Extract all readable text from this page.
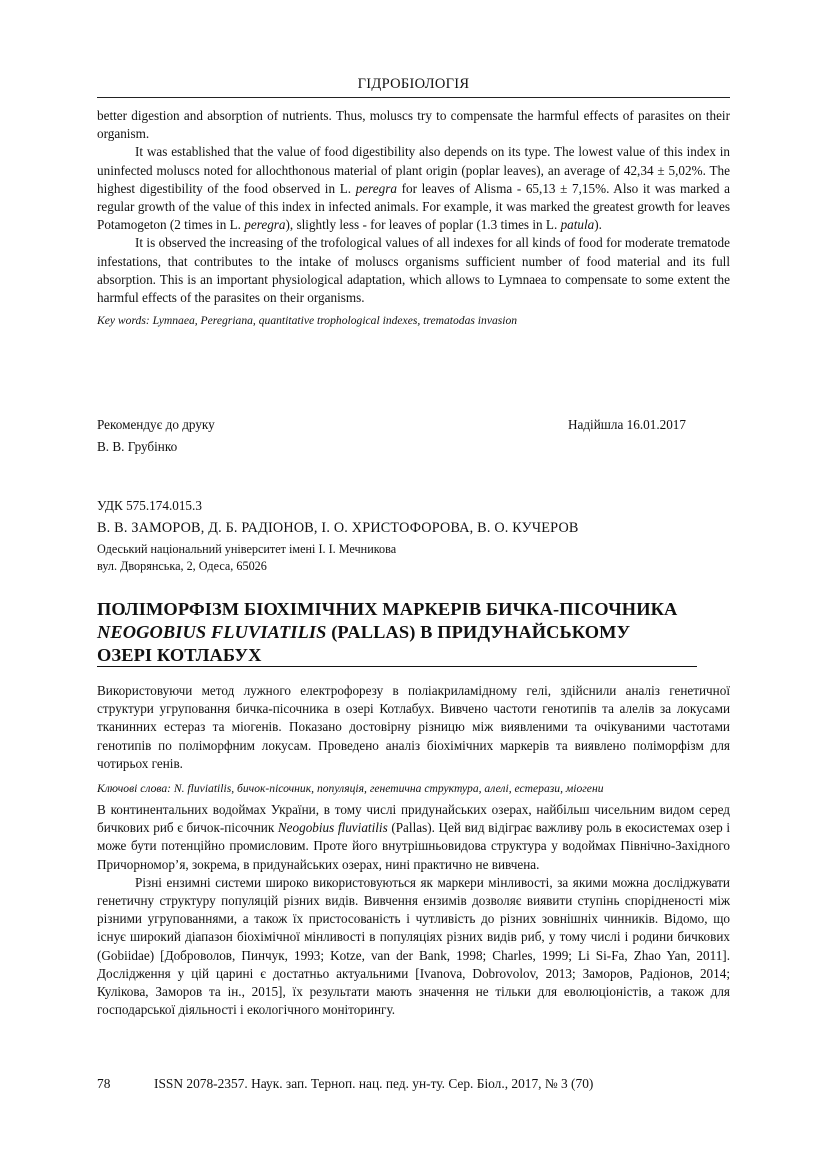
ГІДРОБІОЛОГІЯ

better digestion and absorption of nutrients. Thus, moluscs try to compensate the harmful effects of parasites on their organism.

It was established that the value of food digestibility also depends on its type. The lowest value of this index in uninfected moluscs noted for allochthonous material of plant origin (poplar leaves), an average of 42,34 ± 5,02%. The highest digestibility of the food observed in L. peregra for leaves of Alisma - 65,13 ± 7,15%. Also it was marked a regular growth of the value of this index in infected animals. For example, it was marked the greatest growth for leaves Potamogeton (2 times in L. peregra), slightly less - for leaves of poplar (1.3 times in L. patula).

It is observed the increasing of the trofological values of all indexes for all kinds of food for moderate trematode infestations, that contributes to the intake of moluscs organisms sufficient number of food material and its full absorption. This is an important physiological adaptation, which allows to Lymnaea to compensate to some extent the harmful effects of the parasites on their organisms.

Key words: Lymnaea, Peregriana, quantitative trophological indexes, trematodas invasion

Рекомендує до друку	Надійшла 16.01.2017
В. В. Грубінко
УДК 575.174.015.3
В. В. ЗАМОРОВ, Д. Б. РАДІОНОВ, І. О. ХРИСТОФОРОВА, В. О. КУЧЕРОВ
Одеський національний університет імені І. І. Мечникова
вул. Дворянська, 2, Одеса, 65026
ПОЛІМОРФІЗМ БІОХІМІЧНИХ МАРКЕРІВ БИЧКА-ПІСОЧНИКА
NEOGOBIUS FLUVIATILIS (PALLAS) В ПРИДУНАЙСЬКОМУ
ОЗЕРІ КОТЛАБУХ

Використовуючи метод лужного електрофорезу в поліакриламідному гелі, здійснили аналіз генетичної структури угруповання бичка-пісочника в озері Котлабух. Вивчено частоти генотипів та алелів за локусами тканинних естераз та міогенів. Показано достовірну різницю між виявленими та очікуваними частотами генотипів по поліморфним локусам. Проведено аналіз біохімічних маркерів та виявлено поліморфізм для чотирьох генів.

Ключові слова: N. fluviatilis, бичок-пісочник, популяція, генетична структура, алелі, естерази, міогени

В континентальних водоймах України, в тому числі придунайських озерах, найбільш чисельним видом серед бичкових риб є бичок-пісочник Neogobius fluviatilis (Pallas). Цей вид відіграє важливу роль в екосистемах озер і може бути потенційно промисловим. Проте його внутрішньовидова структура у водоймах Північно-Західного Причорномор’я, зокрема, в придунайських озерах, нині практично не вивчена.

Різні ензимні системи широко використовуються як маркери мінливості, за якими можна досліджувати генетичну структуру популяцій різних видів. Вивчення ензимів дозволяє виявити ступінь спорідненості між різними угрупованнями, а також їх пристосованість і чутливість до різних зовнішніх чинників. Відомо, що існує широкий діапазон біохімічної мінливості в популяціях різних видів риб, у тому числі і родини бичкових (Gobiidae) [Доброволов, Пинчук, 1993; Kotze, van der Bank, 1998; Charles, 1999; Li Si-Fa, Zhao Yan, 2011]. Дослідження у цій царині є достатньо актуальними [Ivanova, Dobrovolov, 2013; Заморов, Радіонов, 2014; Кулікова, Заморов та ін., 2015], їх результати мають значення не тільки для еволюціоністів, а також для господарської діяльності і екологічного моніторингу.

78	ISSN 2078-2357. Наук. зап. Терноп. нац. пед. ун-ту. Сер. Біол., 2017, № 3 (70)
